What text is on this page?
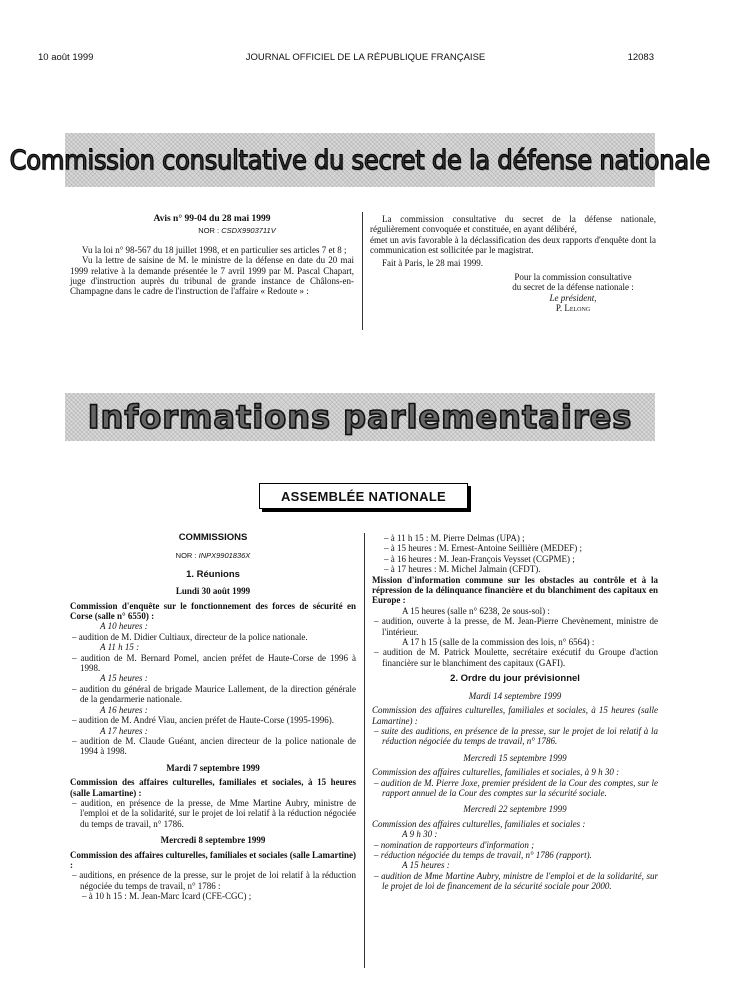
10 août 1999	JOURNAL OFFICIEL DE LA RÉPUBLIQUE FRANÇAISE	12083
Commission consultative du secret de la défense nationale

Avis n° 99-04 du 28 mai 1999

NOR : CSDX9903711V

Vu la loi n° 98-567 du 18 juillet 1998, et en particulier ses articles 7 et 8 ;

Vu la lettre de saisine de M. le ministre de la défense en date du 20 mai 1999 relative à la demande présentée le 7 avril 1999 par M. Pascal Chapart, juge d'instruction auprès du tribunal de grande instance de Châlons-en-Champagne dans le cadre de l'instruction de l'affaire « Redoute » :

La commission consultative du secret de la défense nationale, régulièrement convoquée et constituée, en ayant délibéré,

émet un avis favorable à la déclassification des deux rapports d'enquête dont la communication est sollicitée par le magistrat.

Fait à Paris, le 28 mai 1999.

Pour la commission consultative

du secret de la défense nationale :

Le président,

P. Lelong

Informations parlementaires
ASSEMBLÉE NATIONALE

COMMISSIONS

NOR : INPX9901836X

1. Réunions

Lundi 30 août 1999

Commission d'enquête sur le fonctionnement des forces de sécurité en Corse (salle n° 6550) :

A 10 heures :

– audition de M. Didier Cultiaux, directeur de la police nationale.

A 11 h 15 :

– audition de M. Bernard Pomel, ancien préfet de Haute-Corse de 1996 à 1998.

A 15 heures :

– audition du général de brigade Maurice Lallement, de la direction générale de la gendarmerie nationale.

A 16 heures :

– audition de M. André Viau, ancien préfet de Haute-Corse (1995-1996).

A 17 heures :

– audition de M. Claude Guéant, ancien directeur de la police nationale de 1994 à 1998.

Mardi 7 septembre 1999

Commission des affaires culturelles, familiales et sociales, à 15 heures (salle Lamartine) :

– audition, en présence de la presse, de Mme Martine Aubry, ministre de l'emploi et de la solidarité, sur le projet de loi relatif à la réduction négociée du temps de travail, n° 1786.

Mercredi 8 septembre 1999

Commission des affaires culturelles, familiales et sociales (salle Lamartine) :

– auditions, en présence de la presse, sur le projet de loi relatif à la réduction négociée du temps de travail, n° 1786 :

– à 10 h 15 : M. Jean-Marc Icard (CFE-CGC) ;

– à 11 h 15 : M. Pierre Delmas (UPA) ;

– à 15 heures : M. Ernest-Antoine Seillière (MEDEF) ;

– à 16 heures : M. Jean-François Veysset (CGPME) ;

– à 17 heures : M. Michel Jalmain (CFDT).

Mission d'information commune sur les obstacles au contrôle et à la répression de la délinquance financière et du blanchiment des capitaux en Europe :

A 15 heures (salle n° 6238, 2e sous-sol) :

– audition, ouverte à la presse, de M. Jean-Pierre Chevènement, ministre de l'intérieur.

A 17 h 15 (salle de la commission des lois, n° 6564) :

– audition de M. Patrick Moulette, secrétaire exécutif du Groupe d'action financière sur le blanchiment des capitaux (GAFI).

2. Ordre du jour prévisionnel

Mardi 14 septembre 1999

Commission des affaires culturelles, familiales et sociales, à 15 heures (salle Lamartine) :

– suite des auditions, en présence de la presse, sur le projet de loi relatif à la réduction négociée du temps de travail, n° 1786.

Mercredi 15 septembre 1999

Commission des affaires culturelles, familiales et sociales, à 9 h 30 :

– audition de M. Pierre Joxe, premier président de la Cour des comptes, sur le rapport annuel de la Cour des comptes sur la sécurité sociale.

Mercredi 22 septembre 1999

Commission des affaires culturelles, familiales et sociales :

A 9 h 30 :

– nomination de rapporteurs d'information ;

– réduction négociée du temps de travail, n° 1786 (rapport).

A 15 heures :

– audition de Mme Martine Aubry, ministre de l'emploi et de la solidarité, sur le projet de loi de financement de la sécurité sociale pour 2000.
